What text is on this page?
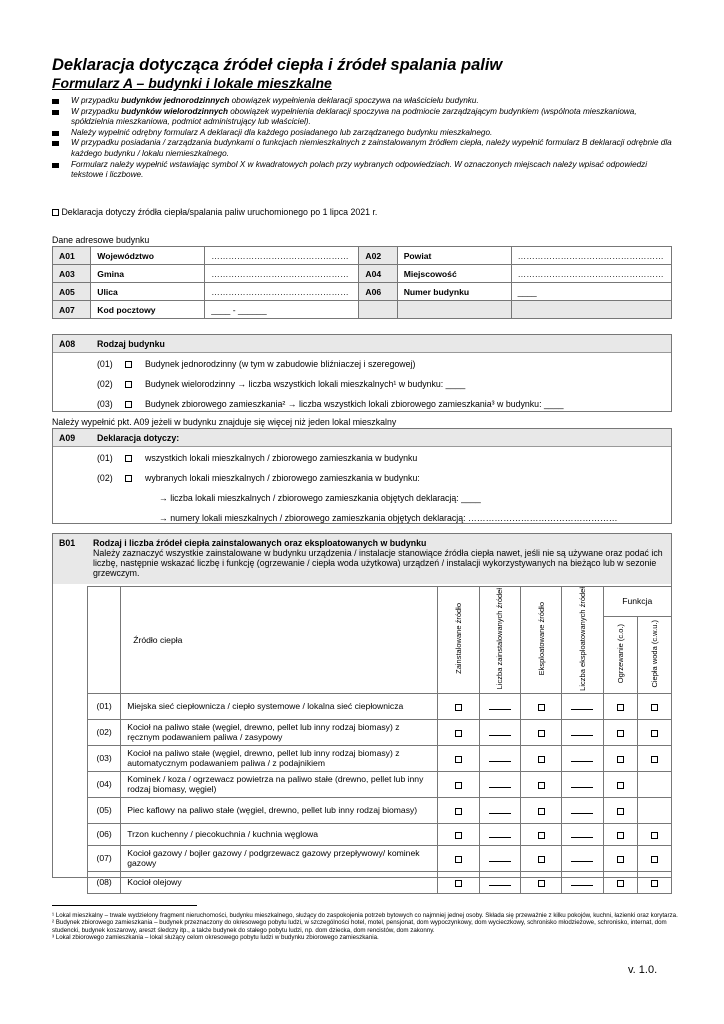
Deklaracja dotycząca źródeł ciepła i źródeł spalania paliw
Formularz A – budynki i lokale mieszkalne
W przypadku budynków jednorodzinnych obowiązek wypełnienia deklaracji spoczywa na właścicielu budynku.
W przypadku budynków wielorodzinnych obowiązek wypełnienia deklaracji spoczywa na podmiocie zarządzającym budynkiem (wspólnota mieszkaniowa, spółdzielnia mieszkaniowa, podmiot administrujący lub właściciel).
Należy wypełnić odrębny formularz A deklaracji dla każdego posiadanego lub zarządzanego budynku mieszkalnego.
W przypadku posiadania / zarządzania budynkami o funkcjach niemieszkalnych z zainstalowanym źródłem ciepła, należy wypełnić formularz B deklaracji odrębnie dla każdego budynku / lokalu niemieszkalnego.
Formularz należy wypełnić wstawiając symbol X w kwadratowych polach przy wybranych odpowiedziach. W oznaczonych miejscach należy wpisać odpowiedzi tekstowe i liczbowe.
Deklaracja dotyczy źródła ciepła/spalania paliw uruchomionego po 1 lipca 2021 r.
Dane adresowe budynku
A01	Województwo	…………………………………………	A02	Powiat	……………………………………………
A03	Gmina	…………………………………………	A04	Miejscowość	……………………………………………
A05	Ulica	…………………………………………	A06	Numer budynku	____
A07	Kod pocztowy	____ - ______			
A08	Rodzaj budynku
(01)	Budynek jednorodzinny (w tym w zabudowie bliźniaczej i szeregowej)
(02)	Budynek wielorodzinny → liczba wszystkich lokali mieszkalnych¹ w budynku: ____
(03)	Budynek zbiorowego zamieszkania² → liczba wszystkich lokali zbiorowego zamieszkania³ w budynku: ____
Należy wypełnić pkt. A09 jeżeli w budynku znajduje się więcej niż jeden lokal mieszkalny
A09	Deklaracja dotyczy:
(01)	wszystkich lokali mieszkalnych / zbiorowego zamieszkania w budynku
(02)	wybranych lokali mieszkalnych / zbiorowego zamieszkania w budynku:
→ liczba lokali mieszkalnych / zbiorowego zamieszkania objętych deklaracją: ____
→ numery lokali mieszkalnych / zbiorowego zamieszkania objętych deklaracją: ……………………………………………
B01 Rodzaj i liczba źródeł ciepła zainstalowanych oraz eksploatowanych w budynku
Należy zaznaczyć wszystkie zainstalowane w budynku urządzenia / instalacje stanowiące źródła ciepła nawet, jeśli nie są używane oraz podać ich liczbę, następnie wskazać liczbę i funkcję (ogrzewanie / ciepła woda użytkowa) urządzeń / instalacji wykorzystywanych na bieżąco lub w sezonie grzewczym.
	Źródło ciepła	Zainstalowane źródło	Liczba zainstalowanych źródeł	Eksploatowane źródło	Liczba eksploatowanych źródeł	Funkcja	
						Ogrzewanie (c.o.)	Ciepła woda (c.w.u.)
(01)	Miejska sieć ciepłownicza / ciepło systemowe / lokalna sieć ciepłownicza						
(02)	Kocioł na paliwo stałe (węgiel, drewno, pellet lub inny rodzaj biomasy) z ręcznym podawaniem paliwa / zasypowy						
(03)	Kocioł na paliwo stałe (węgiel, drewno, pellet lub inny rodzaj biomasy) z automatycznym podawaniem paliwa / z podajnikiem						
(04)	Kominek / koza / ogrzewacz powietrza na paliwo stałe (drewno, pellet lub inny rodzaj biomasy, węgiel)						
(05)	Piec kaflowy na paliwo stałe (węgiel, drewno, pellet lub inny rodzaj biomasy)						
(06)	Trzon kuchenny / piecokuchnia / kuchnia węglowa						
(07)	Kocioł gazowy / bojler gazowy / podgrzewacz gazowy przepływowy/ kominek gazowy						
(08)	Kocioł olejowy						
¹ Lokal mieszkalny – trwale wydzielony fragment nieruchomości, budynku mieszkalnego, służący do zaspokojenia potrzeb bytowych co najmniej jednej osoby. Składa się przeważnie z kilku pokojów, kuchni, łazienki oraz korytarza.
² Budynek zbiorowego zamieszkania – budynek przeznaczony do okresowego pobytu ludzi, w szczególności hotel, motel, pensjonat, dom wypoczynkowy, dom wycieczkowy, schronisko młodzieżowe, schronisko, internat, dom studencki, budynek koszarowy, areszt śledczy itp., a także budynek do stałego pobytu ludzi, np. dom dziecka, dom rencistów, dom zakonny.
³ Lokal zbiorowego zamieszkania – lokal służący celom okresowego pobytu ludzi w budynku zbiorowego zamieszkania.
v. 1.0.
